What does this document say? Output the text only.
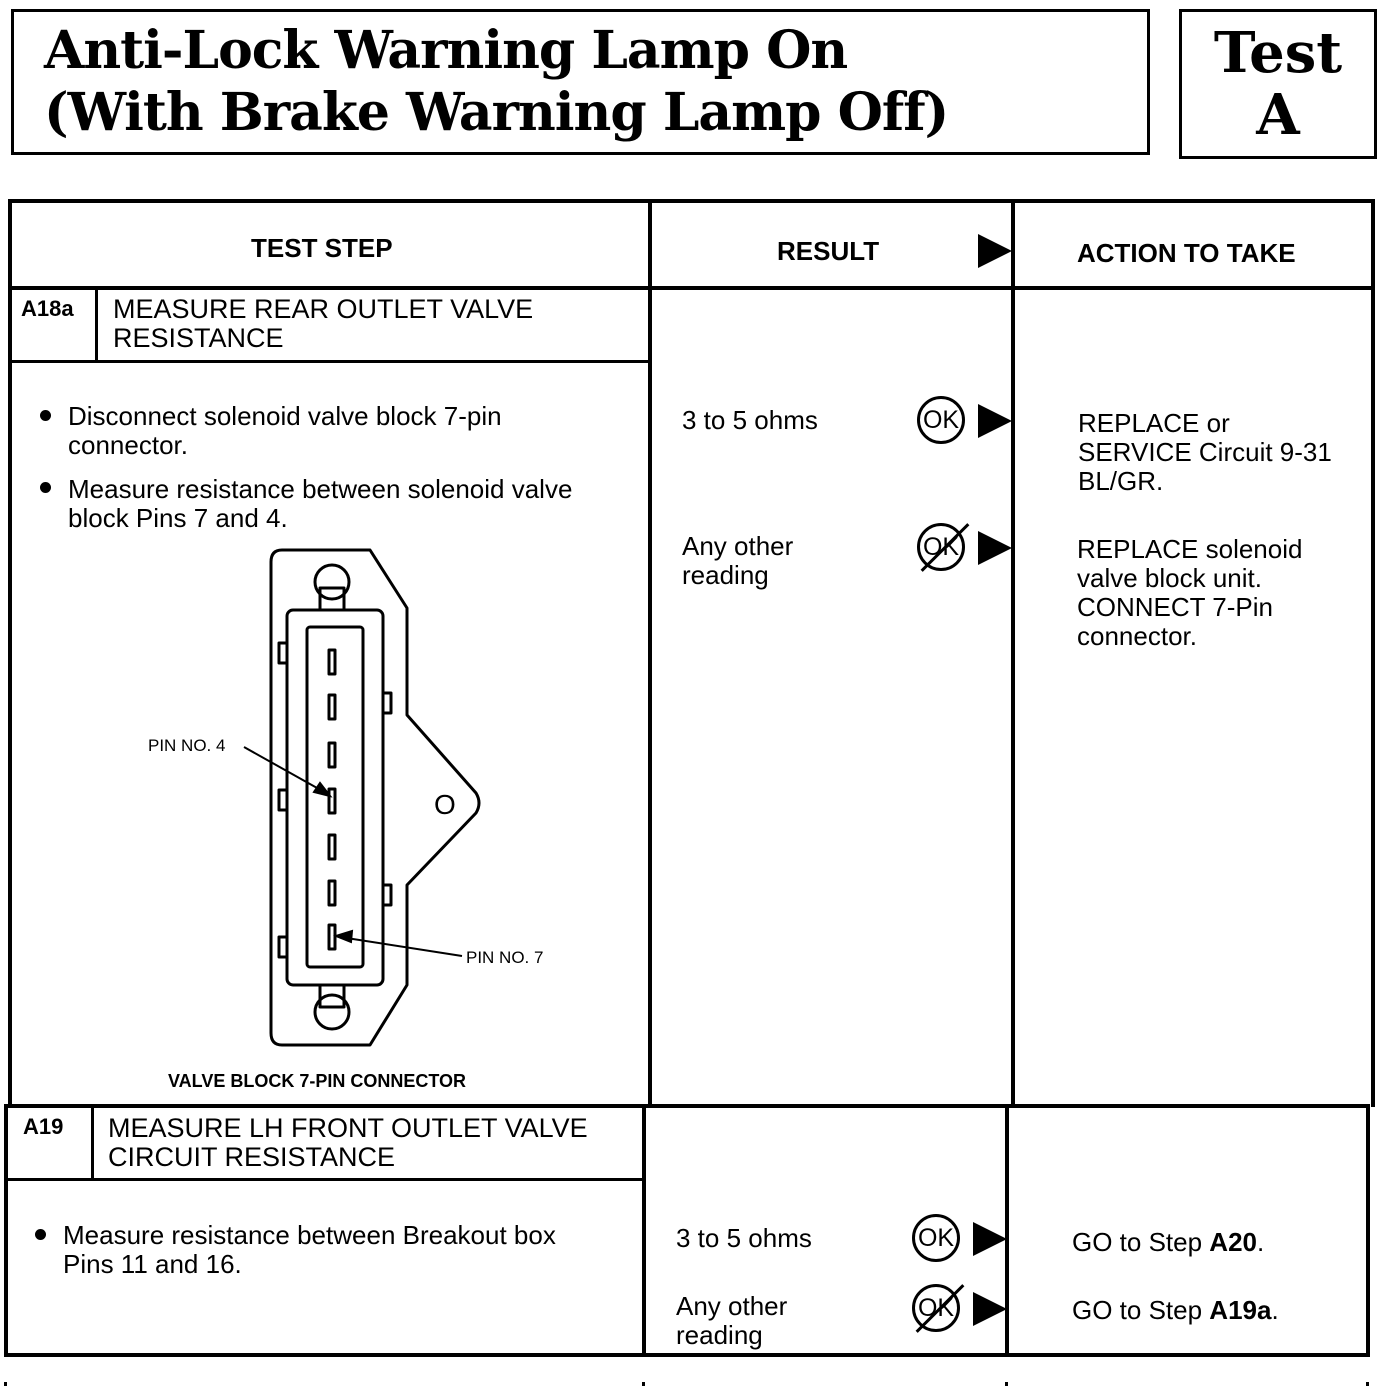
Anti-Lock Warning Lamp On
(With Brake Warning Lamp Off)
Test
A
TEST STEP	RESULT	ACTION TO TAKE
A18a MEASURE REAR OUTLET VALVE
RESISTANCE
Disconnect solenoid valve block 7-pin
connector.
Measure resistance between solenoid valve
block Pins 7 and 4.
PIN NO. 4
PIN NO. 7
O
VALVE BLOCK 7-PIN CONNECTOR
3 to 5 ohms	OK	REPLACE or
SERVICE Circuit 9-31
BL/GR.
Any other
reading
OK	REPLACE solenoid
valve block unit.
CONNECT 7-Pin
connector.
A19 MEASURE LH FRONT OUTLET VALVE
CIRCUIT RESISTANCE
Measure resistance between Breakout box
Pins 11 and 16.
3 to 5 ohms	OK	GO to Step A20.
Any other
reading
OK	GO to Step A19a.
